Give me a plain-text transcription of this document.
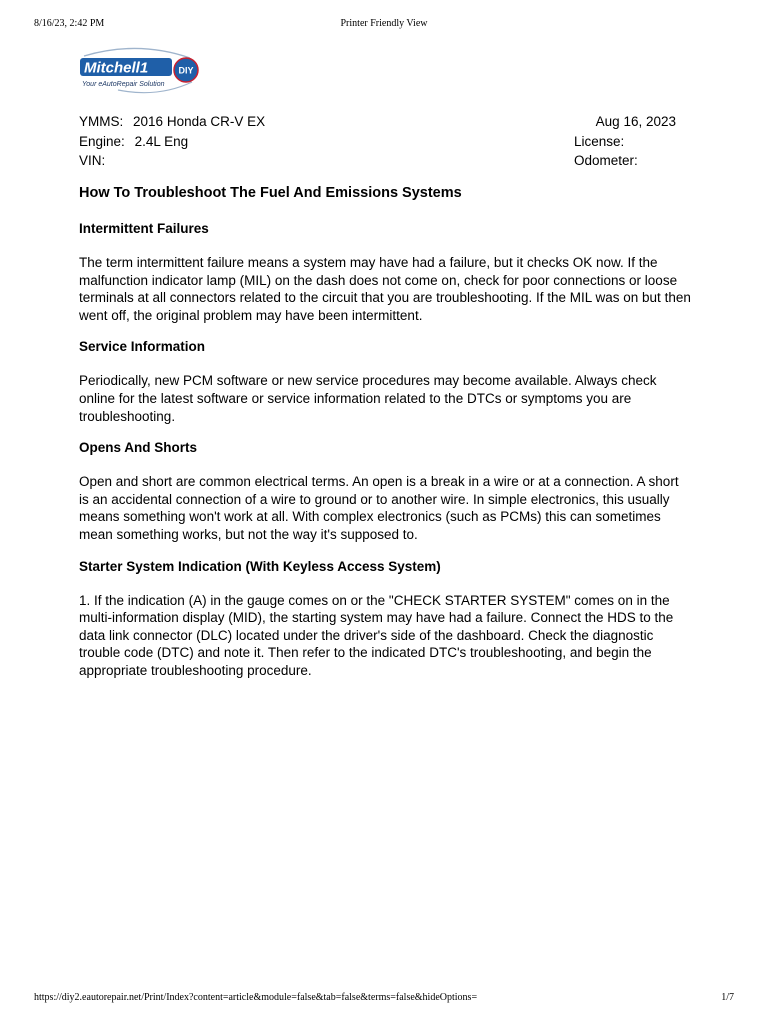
8/16/23, 2:42 PM	Printer Friendly View
Mitchell1	DIY
Your eAutoRepair Solution
YMMS: 2016 Honda CR-V EX	Aug 16, 2023
Engine: 2.4L Eng	License:
VIN:	Odometer:
How To Troubleshoot The Fuel And Emissions Systems
Intermittent Failures

The term intermittent failure means a system may have had a failure, but it checks OK now. If the malfunction indicator lamp (MIL) on the dash does not come on, check for poor connections or loose terminals at all connectors related to the circuit that you are troubleshooting. If the MIL was on but then went off, the original problem may have been intermittent.

Service Information

Periodically, new PCM software or new service procedures may become available. Always check online for the latest software or service information related to the DTCs or symptoms you are troubleshooting.

Opens And Shorts

Open and short are common electrical terms. An open is a break in a wire or at a connection. A short is an accidental connection of a wire to ground or to another wire. In simple electronics, this usually means something won't work at all. With complex electronics (such as PCMs) this can sometimes mean something works, but not the way it's supposed to.

Starter System Indication (With Keyless Access System)

1. If the indication (A) in the gauge comes on or the "CHECK STARTER SYSTEM" comes on in the multi-information display (MID), the starting system may have had a failure. Connect the HDS to the data link connector (DLC) located under the driver's side of the dashboard. Check the diagnostic trouble code (DTC) and note it. Then refer to the indicated DTC's troubleshooting, and begin the appropriate troubleshooting procedure.

https://diy2.eautorepair.net/Print/Index?content=article&module=false&tab=false&terms=false&hideOptions=	1/7
